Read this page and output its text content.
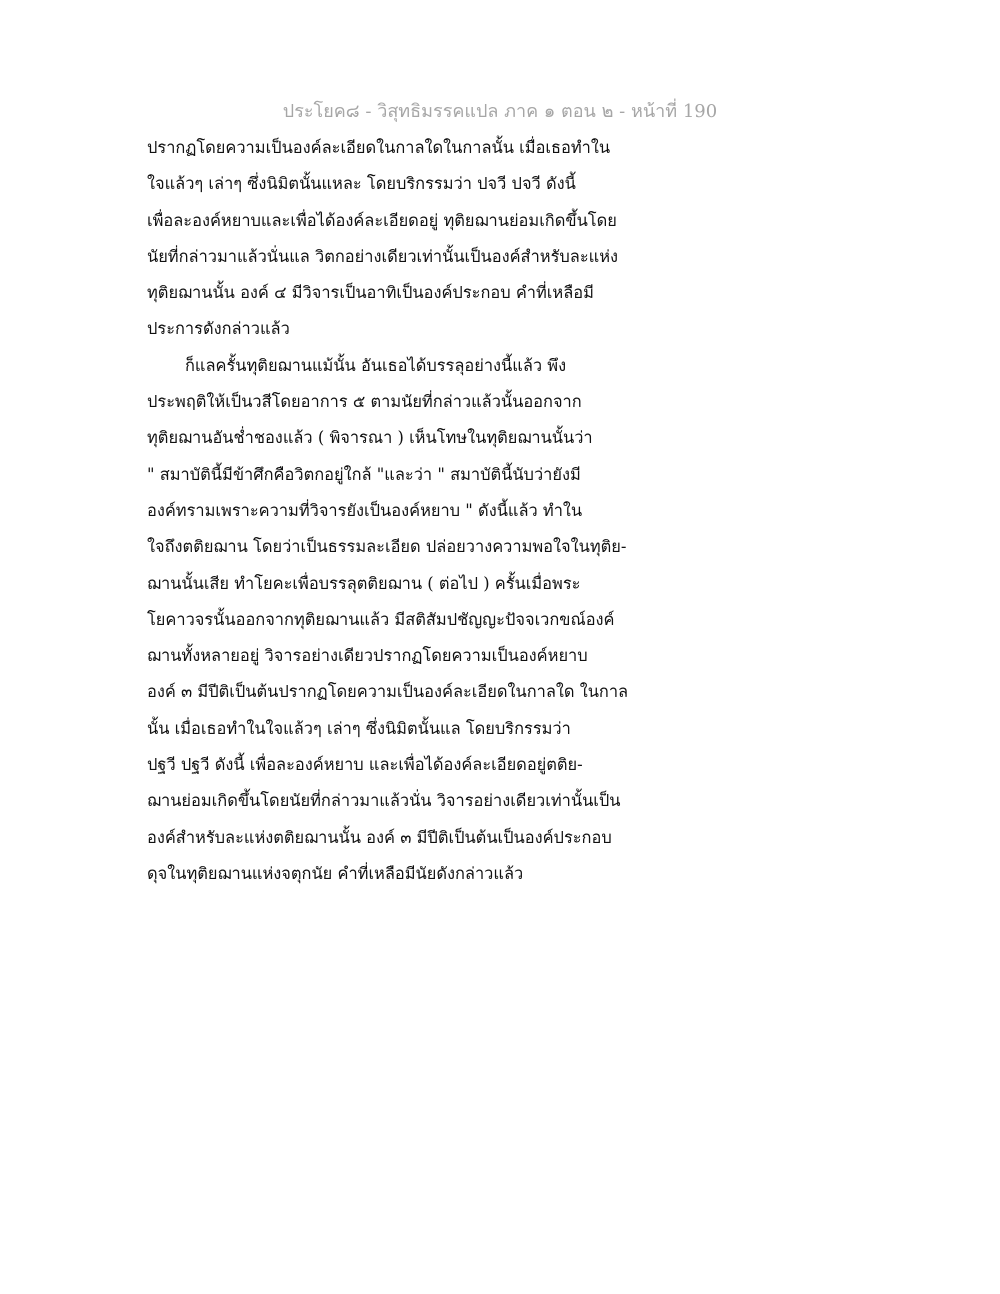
ประโยค๘ - วิสุทธิมรรคแปล ภาค ๑ ตอน ๒ - หน้าที่ 190
ปรากฏโดยความเป็นองค์ละเอียดในกาลใดในกาลนั้น เมื่อเธอทำใน
ใจแล้วๆ เล่าๆ ซึ่งนิมิตนั้นแหละ โดยบริกรรมว่า ปจวี ปจวี ดังนี้
เพื่อละองค์หยาบและเพื่อได้องค์ละเอียดอยู่ ทุติยฌานย่อมเกิดขึ้นโดย
นัยที่กล่าวมาแล้วนั่นแล วิตกอย่างเดียวเท่านั้นเป็นองค์สำหรับละแห่ง
ทุติยฌานนั้น องค์ ๔ มีวิจารเป็นอาทิเป็นองค์ประกอบ คำที่เหลือมี
ประการดังกล่าวแล้ว
ก็แลครั้นทุติยฌานแม้นั้น อันเธอได้บรรลุอย่างนี้แล้ว พึง
ประพฤติให้เป็นวสีโดยอาการ ๕ ตามนัยที่กล่าวแล้วนั้นออกจาก
ทุติยฌานอันช่ำชองแล้ว ( พิจารณา ) เห็นโทษในทุติยฌานนั้นว่า
" สมาบัตินี้มีข้าศึกคือวิตกอยู่ใกล้ "และว่า " สมาบัตินี้นับว่ายังมี
องค์ทรามเพราะความที่วิจารยังเป็นองค์หยาบ " ดังนี้แล้ว ทำใน
ใจถึงตติยฌาน โดยว่าเป็นธรรมละเอียด ปล่อยวางความพอใจในทุติย-
ฌานนั้นเสีย ทำโยคะเพื่อบรรลุตติยฌาน ( ต่อไป ) ครั้นเมื่อพระ
โยคาวจรนั้นออกจากทุติยฌานแล้ว มีสติสัมปชัญญะปัจจเวกขณ์องค์
ฌานทั้งหลายอยู่ วิจารอย่างเดียวปรากฏโดยความเป็นองค์หยาบ
องค์ ๓ มีปีติเป็นต้นปรากฏโดยความเป็นองค์ละเอียดในกาลใด ในกาล
นั้น เมื่อเธอทำในใจแล้วๆ เล่าๆ ซึ่งนิมิตนั้นแล โดยบริกรรมว่า
ปฐวี ปฐวี ดังนี้ เพื่อละองค์หยาบ และเพื่อได้องค์ละเอียดอยู่ตติย-
ฌานย่อมเกิดขึ้นโดยนัยที่กล่าวมาแล้วนั่น วิจารอย่างเดียวเท่านั้นเป็น
องค์สำหรับละแห่งตติยฌานนั้น องค์ ๓ มีปีติเป็นต้นเป็นองค์ประกอบ
ดุจในทุติยฌานแห่งจตุกนัย คำที่เหลือมีนัยดังกล่าวแล้ว
